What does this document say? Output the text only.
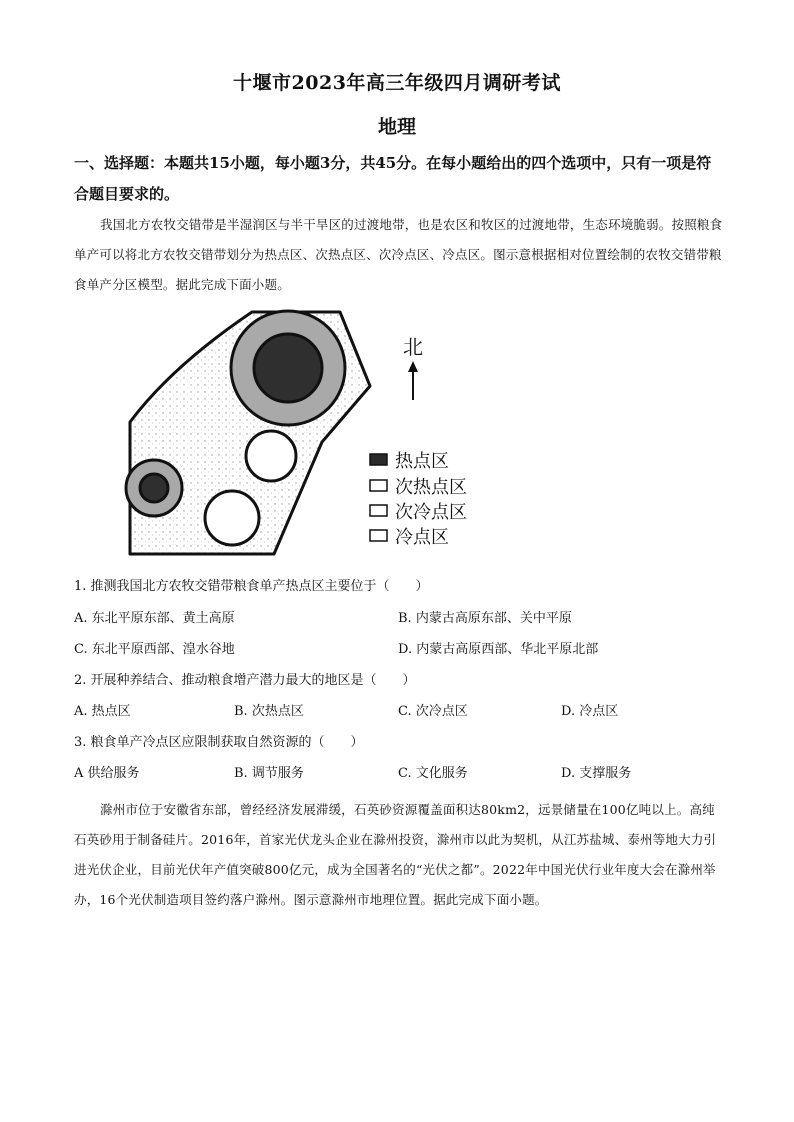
十堰市2023年高三年级四月调研考试
地理
一、选择题：本题共15小题，每小题3分，共45分。在每小题给出的四个选项中，只有一项是符合题目要求的。
我国北方农牧交错带是半湿润区与半干旱区的过渡地带，也是农区和牧区的过渡地带，生态环境脆弱。按照粮食单产可以将北方农牧交错带划分为热点区、次热点区、次冷点区、冷点区。图示意根据相对位置绘制的农牧交错带粮食单产分区模型。据此完成下面小题。
北
热点区
次热点区
次冷点区
冷点区
1. 推测我国北方农牧交错带粮食单产热点区主要位于（　　）
A. 东北平原东部、黄土高原	B. 内蒙古高原东部、关中平原
C. 东北平原西部、湟水谷地	D. 内蒙古高原西部、华北平原北部
2. 开展种养结合、推动粮食增产潜力最大的地区是（　　）
A. 热点区	B. 次热点区	C. 次冷点区	D. 冷点区
3. 粮食单产冷点区应限制获取自然资源的（　　）
A 供给服务	B. 调节服务	C. 文化服务	D. 支撑服务
滁州市位于安徽省东部，曾经经济发展滞缓，石英砂资源覆盖面积达80km2，远景储量在100亿吨以上。高纯石英砂用于制备硅片。2016年，首家光伏龙头企业在滁州投资，滁州市以此为契机，从江苏盐城、泰州等地大力引进光伏企业，目前光伏年产值突破800亿元，成为全国著名的“光伏之都”。2022年中国光伏行业年度大会在滁州举办，16个光伏制造项目签约落户滁州。图示意滁州市地理位置。据此完成下面小题。
